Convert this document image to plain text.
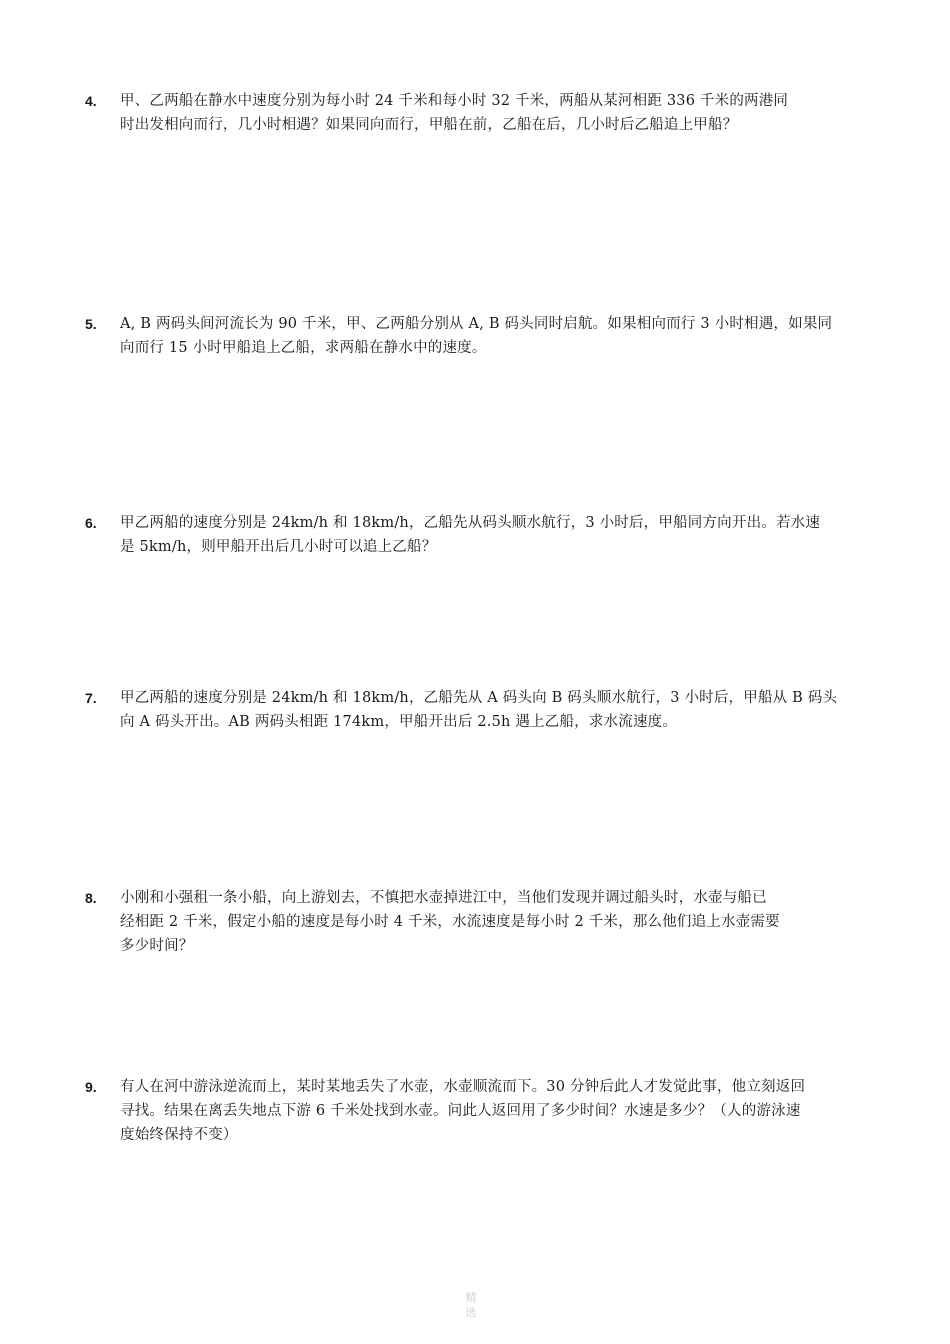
4. 甲、乙两船在静水中速度分别为每小时 24 千米和每小时 32 千米，两船从某河相距 336 千米的两港同
时出发相向而行，几小时相遇？如果同向而行，甲船在前，乙船在后，几小时后乙船追上甲船？

5. A, B 两码头间河流长为 90 千米，甲、乙两船分别从 A, B 码头同时启航。如果相向而行 3 小时相遇，如果同
向而行 15 小时甲船追上乙船，求两船在静水中的速度。

6. 甲乙两船的速度分别是 24km/h 和 18km/h，乙船先从码头顺水航行，3 小时后，甲船同方向开出。若水速
是 5km/h，则甲船开出后几小时可以追上乙船？

7. 甲乙两船的速度分别是 24km/h 和 18km/h，乙船先从 A 码头向 B 码头顺水航行，3 小时后，甲船从 B 码头
向 A 码头开出。AB 两码头相距 174km，甲船开出后 2.5h 遇上乙船，求水流速度。

8. 小刚和小强租一条小船，向上游划去，不慎把水壶掉进江中，当他们发现并调过船头时，水壶与船已
经相距 2 千米，假定小船的速度是每小时 4 千米，水流速度是每小时 2 千米，那么他们追上水壶需要
多少时间？

9. 有人在河中游泳逆流而上，某时某地丢失了水壶，水壶顺流而下。30 分钟后此人才发觉此事，他立刻返回
寻找。结果在离丢失地点下游 6 千米处找到水壶。问此人返回用了多少时间？水速是多少？（人的游泳速
度始终保持不变）

精
选
